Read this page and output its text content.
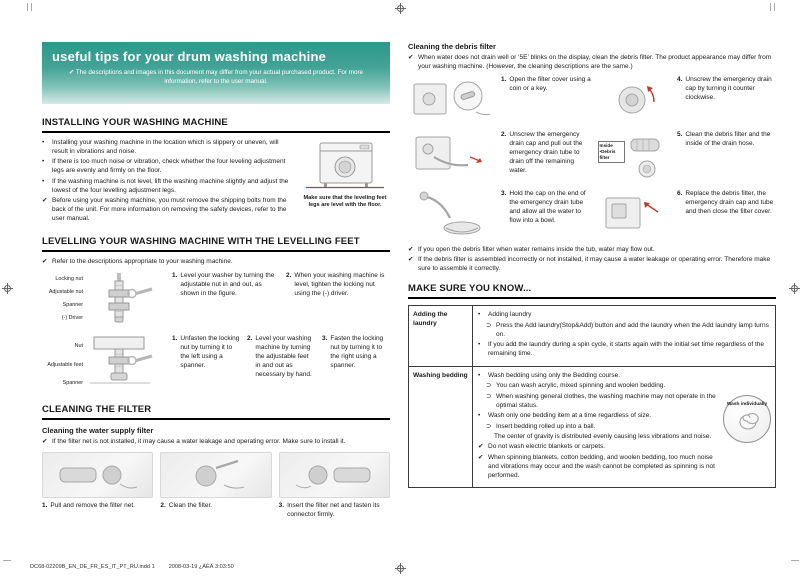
useful tips for your drum washing machine
✔ The descriptions and images in this document may differ from your actual purchased product. For more information, refer to the user manual.
INSTALLING YOUR WASHING MACHINE
•	Installing your washing machine in the location which is slippery or uneven, will result in vibrations and noise.
•	If there is too much noise or vibration, check whether the four leveling adjustment legs are evenly and firmly on the floor.
•	If the washing machine is not level, lift the washing machine slightly and adjust the lowest of the four levelling adjustment legs.
✔ Before using your washing machine, you must remove the shipping bolts from the back of the unit. For more information on removing the safety devices, refer to the user manual.
Make sure that the leveling feet legs are level with the floor.
LEVELLING YOUR WASHING MACHINE WITH THE LEVELLING FEET
✔ Refer to the descriptions appropriate to your washing machine.
Locking nut
Adjustable nut
Spanner
(-) Driver
1. Level your washer by turning the adjustable nut in and out, as shown in the figure.
2. When your washing machine is level, tighten the locking nut using the (-) driver.
Nut
Adjustable feet
Spanner
1. Unfasten the locking nut by turning it to the left using a spanner.
2. Level your washing machine by turning the adjustable feet in and out as necessary by hand.
3. Fasten the locking nut by turning it to the right using a spanner.
CLEANING THE FILTER
Cleaning the water supply filter
✔ If the filter net is not installed, it may cause a water leakage and operating error. Make sure to install it.
1. Pull and remove the filter net.	2. Clean the filter.	3. Insert the filter net and fasten its connector firmly.
Cleaning the debris filter
✔ When water does not drain well or ‘5E’ blinks on the display, clean the debris filter. The product appearance may differ from your washing machine. (However, the cleaning descriptions are the same.)
1. Open the filter cover using a coin or a key.
4. Unscrew the emergency drain cap by turning it counter clockwise.
2. Unscrew the emergency drain cap and pull out the emergency drain tube to drain off the remaining water.
Inside
•Debris filter
5. Clean the debris filter and the inside of the drain hose.
3. Hold the cap on the end of the emergency drain tube and allow all the water to flow into a bowl.
6. Replace the debris filter, the emergency drain cap and tube and then close the filter cover.
✔ If you open the debris filter when water remains inside the tub, water may flow out.
✔ If the debris filter is assembled incorrectly or not installed, it may cause a water leakage or operating error. Therefore make sure to assemble it correctly.
MAKE SURE YOU KNOW...
Adding the laundry
•	Adding laundry
⊃ Press the Add laundry(Stop&Add) button and add the laundry when the Add laundry lamp turns on.
•	If you add the laundry during a spin cycle, it starts again with the initial set time regardless of the remaining time.
Washing bedding	•	Wash bedding using only the Bedding course.
⊃ You can wash acrylic, mixed spinning and woolen bedding.
⊃ When washing general clothes, the washing machine may not operate in the optimal status.
•	Wash only one bedding item at a time regardless of size.
⊃ Insert bedding rolled up into a ball.
The center of gravity is distributed evenly causing less vibrations and noise.
✔ Do not wash electric blankets or carpets.
✔ When spinning blankets, cotton bedding, and woolen bedding, too much noise and vibrations may occur and the wash cannot be completed as spinning is not performed.
Wash individually
DC68-02209B_EN_DE_FR_ES_IT_PT_RU.indd 1	2008-03-19 ¿ÀÈÄ 3:03:50
